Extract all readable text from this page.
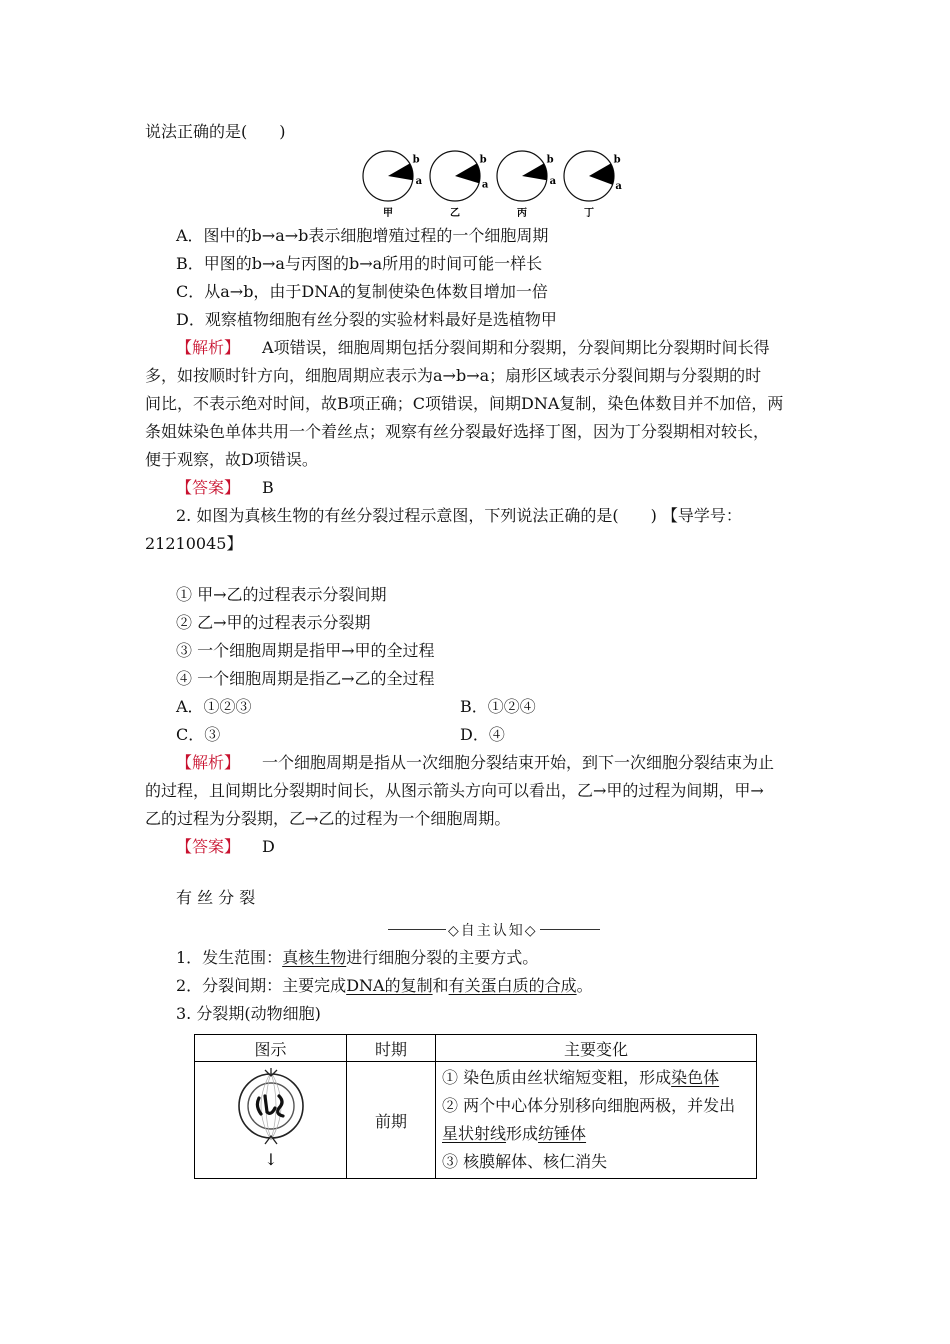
说法正确的是(　　)
b
a
甲
b
a
乙
b
a
丙
b
a
丁
A．图中的b→a→b表示细胞增殖过程的一个细胞周期
B．甲图的b→a与丙图的b→a所用的时间可能一样长
C．从a→b，由于DNA的复制使染色体数目增加一倍
D．观察植物细胞有丝分裂的实验材料最好是选植物甲
【解析】 A项错误，细胞周期包括分裂间期和分裂期，分裂间期比分裂期时间长得
多，如按顺时针方向，细胞周期应表示为a→b→a；扇形区域表示分裂间期与分裂期的时
间比，不表示绝对时间，故B项正确；C项错误，间期DNA复制，染色体数目并不加倍，两
条姐妹染色单体共用一个着丝点；观察有丝分裂最好选择丁图，因为丁分裂期相对较长，
便于观察，故D项错误。
【答案】 B
2. 如图为真核生物的有丝分裂过程示意图，下列说法正确的是(　　) 【导学号：
21210045】
① 甲→乙的过程表示分裂间期
② 乙→甲的过程表示分裂期
③ 一个细胞周期是指甲→甲的全过程
④ 一个细胞周期是指乙→乙的全过程
A．①②③	B．①②④
C．③	D．④
【解析】 一个细胞周期是指从一次细胞分裂结束开始，到下一次细胞分裂结束为止
的过程，且间期比分裂期时间长，从图示箭头方向可以看出，乙→甲的过程为间期，甲→
乙的过程为分裂期，乙→乙的过程为一个细胞周期。
【答案】 D
有 丝 分 裂
◇自主认知◇
1．发生范围：真核生物进行细胞分裂的主要方式。
2．分裂间期：主要完成DNA的复制和有关蛋白质的合成。
3. 分裂期(动物细胞)
图示	时期	主要变化

↓	前期	① 染色质由丝状缩短变粗，形成染色体
② 两个中心体分别移向细胞两极，并发出
星状射线形成纺锤体
③ 核膜解体、核仁消失
